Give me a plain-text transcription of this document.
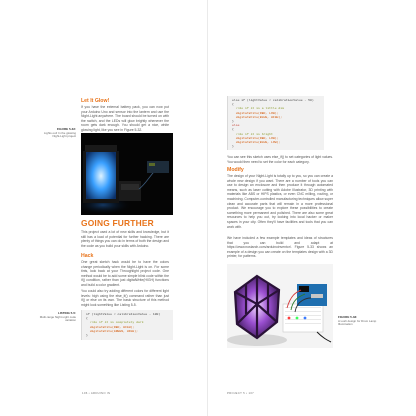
Let It Glow!

If you have the external battery pack, you can now put your Arduino Uno and sensor into the lantern and use the Night-Light anywhere. The board should be turned on with the switch, and the LEDs will glow brightly whenever the room gets dark enough. You should get a nice, white glowing light, like you see in Figure 5-32.

FIGURE 5-32:
Lights out! In the glowing Night-Light project

GOING FURTHER

This project used a lot of new skills and knowledge, but it still has a load of potential for further hacking. There are plenty of things you can do in terms of both the design and the code as you build your skills with Arduino.

Hack

One great sketch hack would be to have the colors change periodically when the Night-Light is on. For some tints, look back at your Throughlight project code. One method would be to add some simple blink code within the if() condition, rather than just digitalWrite(HIGH) functions and build a color gradient.

You could also try adding different colors for different light levels: high using the else_if() command rather than just if() or else on its own. The basic structure of this method might look something like Listing 5-5.

LISTING 5-5:
Multi-range Night-Light code variation

if (lightValue < calibrationValue - 100)
{
//do if it is completely dark
digitalWrite(RED, HIGH);
digitalWrite(GREEN, HIGH);
}

106 • ARDUINO IN

else if (lightValue < calibrationValue - 50)
{
//do if it is a little dim
digitalWrite(RED, LOW);
digitalWrite(BLUE, HIGH);
}
else
{
//do if it is bright
digitalWrite(RED, LOW);
digitalWrite(BLUE, LOW);
}

You can see this sketch uses else_if() to set categories of light values. You would then need to set the color for each category.

Modify

The design of your Night-Light is totally up to you, so you can create a whole new design if you want. There are a number of tools you can use to design an enclosure and then produce it through automated means, such as laser cutting with Adobe Illustrator, 3D printing with materials like ABS or HIPS plastics, or even CNC milling, routing, or machining. Computer-controlled manufacturing techniques allow super clean and accurate parts that will remain in a more professional product. We encourage you to explore these possibilities to create something more permanent and polished. There are also some great resources to help you out, try looking into local hacker or maker spaces in your city. Often they'll have facilities and tools that you can work with.

We have included a few example templates and ideas of structures that you can build and adapt at https://www.nostarch.com/arduinoinventor/. Figure 5-33 shows an example of a design you can create on the templates design with a 3D printer, for patterns.

FIGURE 5-33:
A Lush design for Drum Lamp Illumination

PROJECT 5 • 107
